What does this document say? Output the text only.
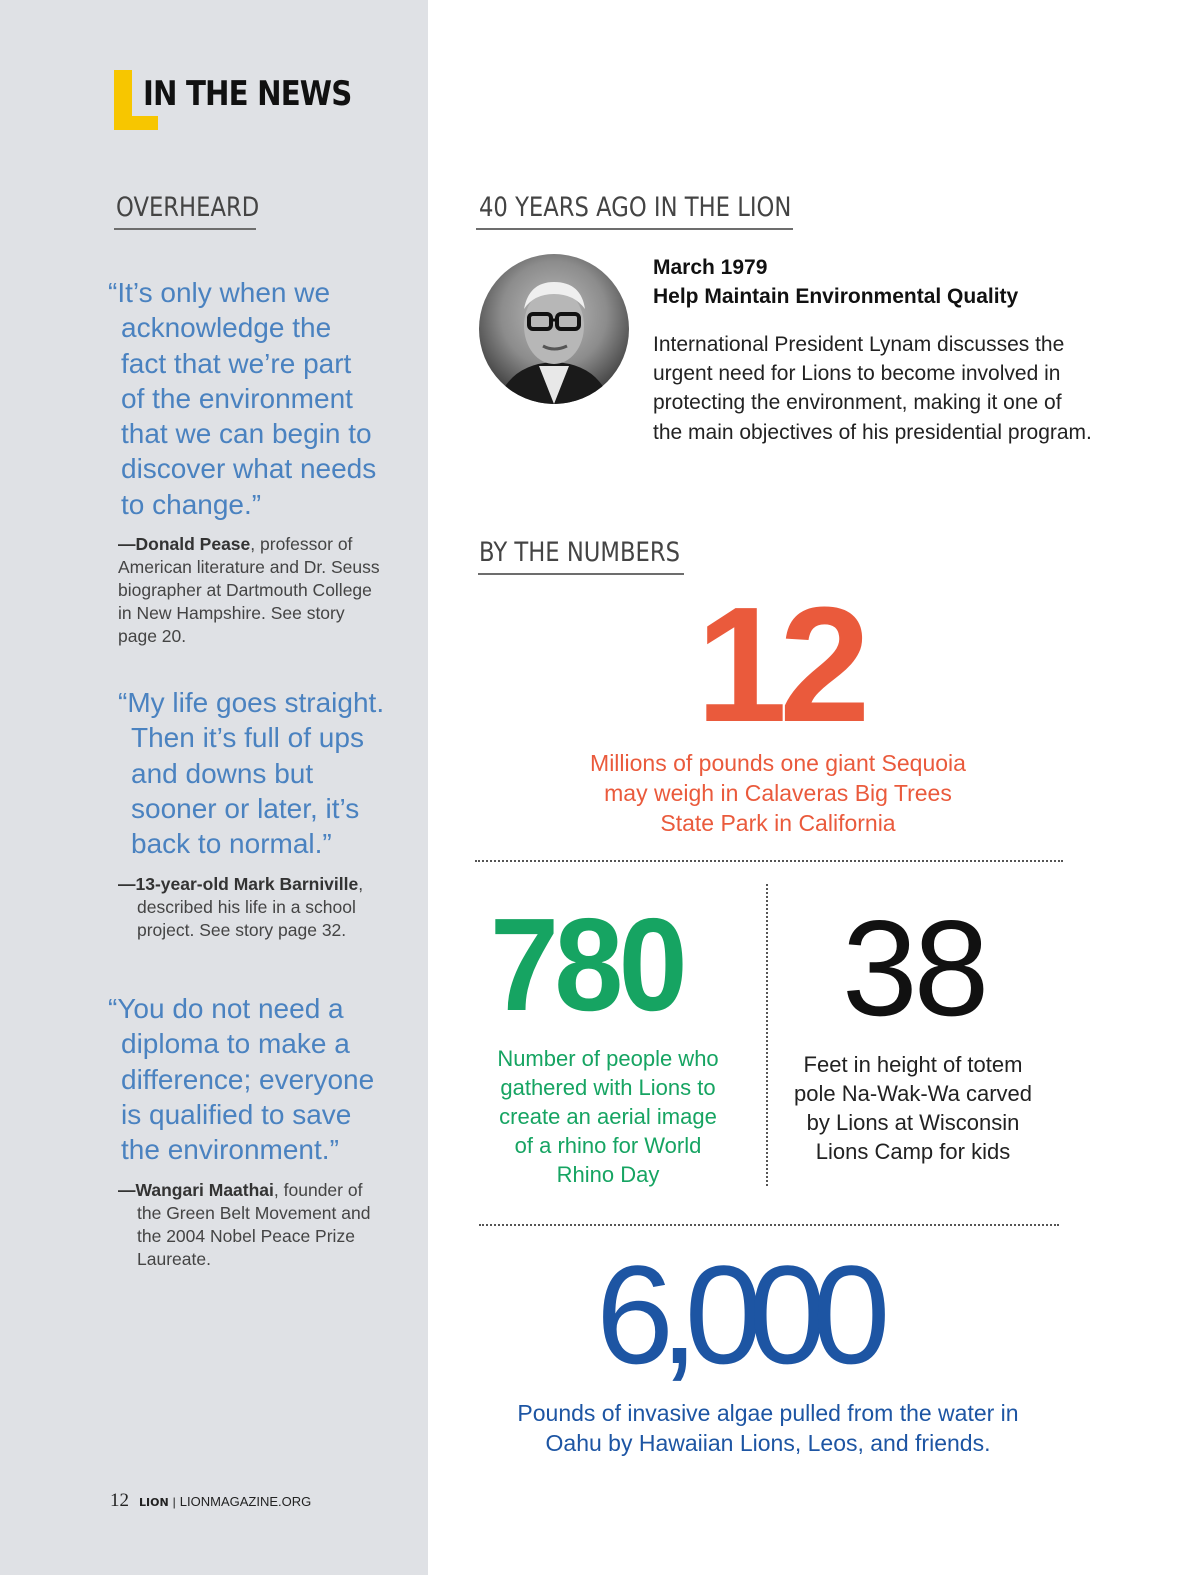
IN THE NEWS
OVERHEARD
“It’s only when we
acknowledge the
fact that we’re part
of the environment
that we can begin to
discover what needs
to change.”
—Donald Pease, professor of
American literature and Dr. Seuss
biographer at Dartmouth College
in New Hampshire. See story
page 20.
“My life goes straight.
Then it’s full of ups
and downs but
sooner or later, it’s
back to normal.”
—13-year-old Mark Barniville,
described his life in a school
project. See story page 32.
“You do not need a
diploma to make a
difference; everyone
is qualified to save
the environment.”
—Wangari Maathai, founder of
the Green Belt Movement and
the 2004 Nobel Peace Prize
Laureate.
40 YEARS AGO IN THE LION
March 1979
Help Maintain Environmental Quality
International President Lynam discusses the urgent need for Lions to become involved in protecting the environment, making it one of the main objectives of his presidential program.
BY THE NUMBERS
12
Millions of pounds one giant Sequoia
may weigh in Calaveras Big Trees
State Park in California
780
Number of people who
gathered with Lions to
create an aerial image
of a rhino for World
Rhino Day
38
Feet in height of totem
pole Na-Wak-Wa carved
by Lions at Wisconsin
Lions Camp for kids
6,000
Pounds of invasive algae pulled from the water in
Oahu by Hawaiian Lions, Leos, and friends.
12 LION | LIONMAGAZINE.ORG
